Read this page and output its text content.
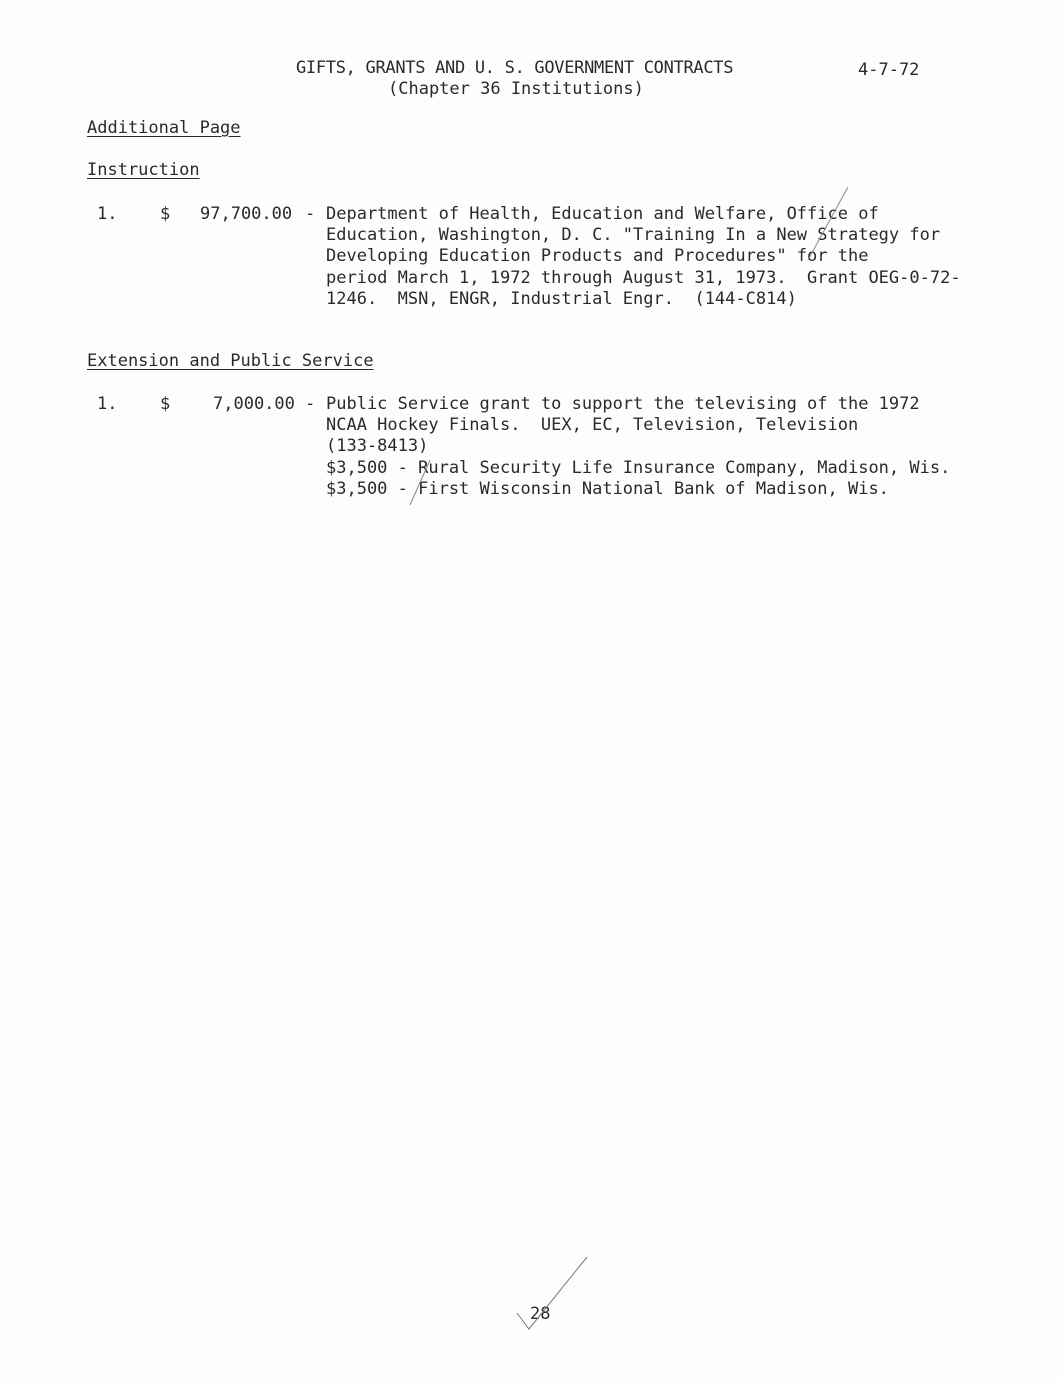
GIFTS, GRANTS AND U. S. GOVERNMENT CONTRACTS
(Chapter 36 Institutions)
4-7-72
Additional Page
Instruction
1.	$ 97,700.00 - Department of Health, Education and Welfare, Office of
Education, Washington, D. C. "Training In a New Strategy for
Developing Education Products and Procedures" for the
period March 1, 1972 through August 31, 1973.  Grant OEG-0-72-
1246.  MSN, ENGR, Industrial Engr.  (144-C814)
Extension and Public Service
1.	$	7,000.00 - Public Service grant to support the televising of the 1972
NCAA Hockey Finals.  UEX, EC, Television, Television
(133-8413)
$3,500 - Rural Security Life Insurance Company, Madison, Wis.
$3,500 - First Wisconsin National Bank of Madison, Wis.
28
